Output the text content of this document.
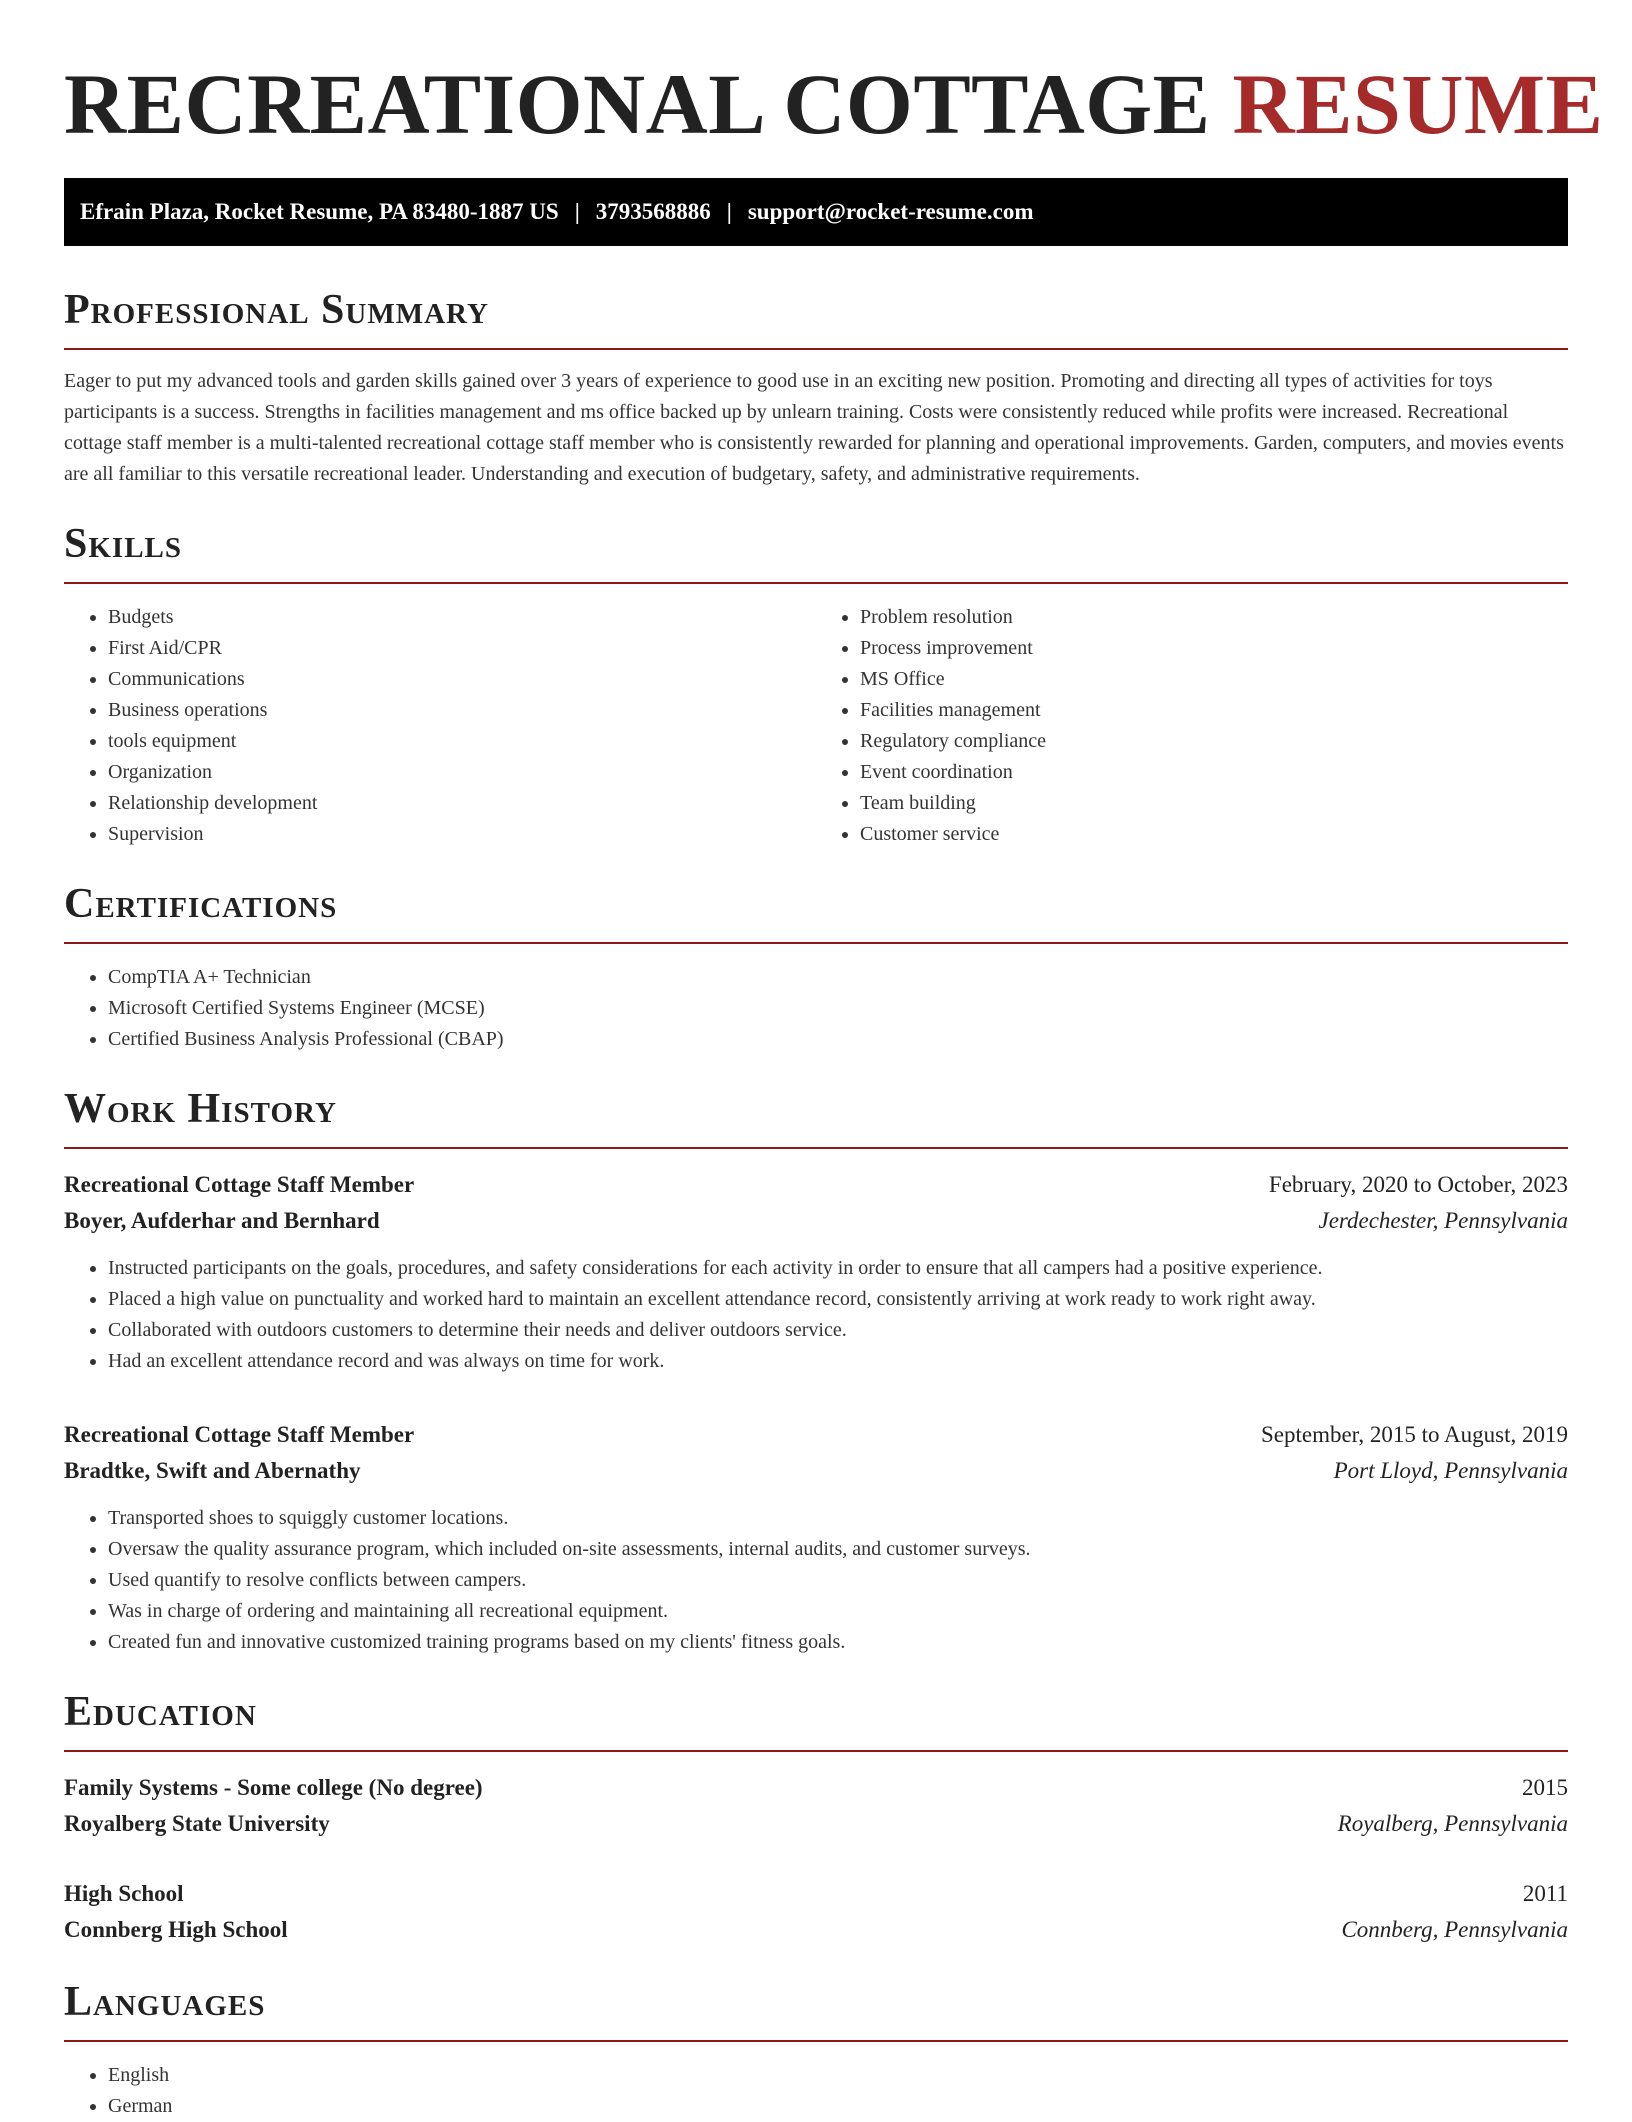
RECREATIONAL COTTAGE RESUME
Efrain Plaza, Rocket Resume, PA 83480-1887 US | 3793568886 | support@rocket-resume.com
Professional Summary

Eager to put my advanced tools and garden skills gained over 3 years of experience to good use in an exciting new position. Promoting and directing all types of activities for toys participants is a success. Strengths in facilities management and ms office backed up by unlearn training. Costs were consistently reduced while profits were increased. Recreational cottage staff member is a multi-talented recreational cottage staff member who is consistently rewarded for planning and operational improvements. Garden, computers, and movies events are all familiar to this versatile recreational leader. Understanding and execution of budgetary, safety, and administrative requirements.

Skills
• Budgets
• First Aid/CPR
• Communications
• Business operations
• tools equipment
• Organization
• Relationship development
• Supervision
• Problem resolution
• Process improvement
• MS Office
• Facilities management
• Regulatory compliance
• Event coordination
• Team building
• Customer service
Certifications
• CompTIA A+ Technician
• Microsoft Certified Systems Engineer (MCSE)
• Certified Business Analysis Professional (CBAP)
Work History
Recreational Cottage Staff Member	February, 2020 to October, 2023
Boyer, Aufderhar and Bernhard	Jerdechester, Pennsylvania
• Instructed participants on the goals, procedures, and safety considerations for each activity in order to ensure that all campers had a positive experience.
• Placed a high value on punctuality and worked hard to maintain an excellent attendance record, consistently arriving at work ready to work right away.
• Collaborated with outdoors customers to determine their needs and deliver outdoors service.
• Had an excellent attendance record and was always on time for work.
Recreational Cottage Staff Member	September, 2015 to August, 2019
Bradtke, Swift and Abernathy	Port Lloyd, Pennsylvania
• Transported shoes to squiggly customer locations.
• Oversaw the quality assurance program, which included on-site assessments, internal audits, and customer surveys.
• Used quantify to resolve conflicts between campers.
• Was in charge of ordering and maintaining all recreational equipment.
• Created fun and innovative customized training programs based on my clients' fitness goals.
Education
Family Systems - Some college (No degree)	2015
Royalberg State University	Royalberg, Pennsylvania
High School	2011
Connberg High School	Connberg, Pennsylvania
Languages
• English
• German
